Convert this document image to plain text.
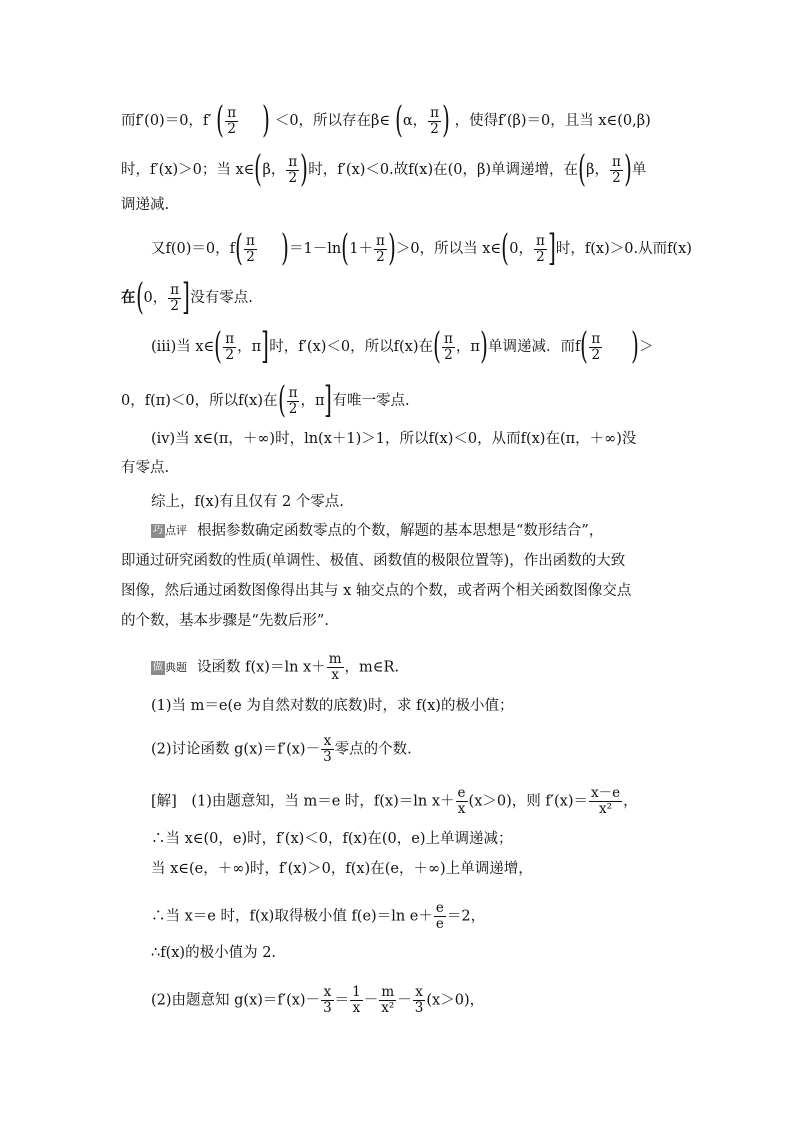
而f′(0)＝0，f′ ( $\frac{\pi}{2}$ ) ＜0，所以存在β∈ (α， $\frac{\pi}{2}$ ) ，使得f′(β)＝0，且当 x∈(0,β)
时，f′(x)＞0；当 x∈(β， $\frac{\pi}{2}$ )时，f′(x)＜0.故f(x)在(0，β)单调递增，在(β， $\frac{\pi}{2}$ )单
调递减.
又f(0)＝0，$f( \frac{\pi}{2} )=1-\ln(1+ \frac{\pi}{2} )>0$，所以当 x∈(0， $\frac{\pi}{2}$ ]时，f(x)＞0.从而f(x)
在(0， $\frac{\pi}{2}$ ]没有零点.
(iii)当 x∈( $\frac{\pi}{2}$ ，π]时，f′(x)＜0，所以f(x)在( $\frac{\pi}{2}$ ，π)单调递减．而$f( \frac{\pi}{2}$ )＞
0，f(π)＜0，所以f(x)在( $\frac{\pi}{2}$ ，π]有唯一零点.
(iv)当 x∈(π，＋∞)时，ln(x＋1)＞1，所以f(x)＜0，从而f(x)在(π，＋∞)没
有零点.
综上，f(x)有且仅有 2 个零点.
巧 点评 根据参数确定函数零点的个数，解题的基本思想是“数形结合”，
即通过研究函数的性质(单调性、极值、函数值的极限位置等)，作出函数的大致
图像，然后通过函数图像得出其与 x 轴交点的个数，或者两个相关函数图像交点
的个数，基本步骤是“先数后形”.
做 典题 设函数 f(x)＝ln $x+ \frac{m}{x}$ ，m∈R.
(1)当 m＝e(e 为自然对数的底数)时，求 f(x)的极小值；
(2)讨论函数 $g(x)=f'(x)- \frac{x}{3}$ 零点的个数.
[解]　(1)由题意知，当 m＝e 时，f(x)＝ln $x+ \frac{e}{x} (x>0)$，则 $f'(x)= \frac{x-e}{\text{x²}}$ ，
∴当 x∈(0，e)时，f′(x)＜0，f(x)在(0，e)上单调递减；
当 x∈(e，＋∞)时，f′(x)＞0，f(x)在(e，＋∞)上单调递增，
∴当 x＝e 时，f(x)取得极小值 f(e)＝ln $e+ \frac{e}{e} =2$，
∴f(x)的极小值为 2.
(2)由题意知 $g(x)=f'(x)- \frac{x}{3} = \frac{1}{x} - \frac{m}{\text{x²}} - \frac{x}{3} (x>0)$，
